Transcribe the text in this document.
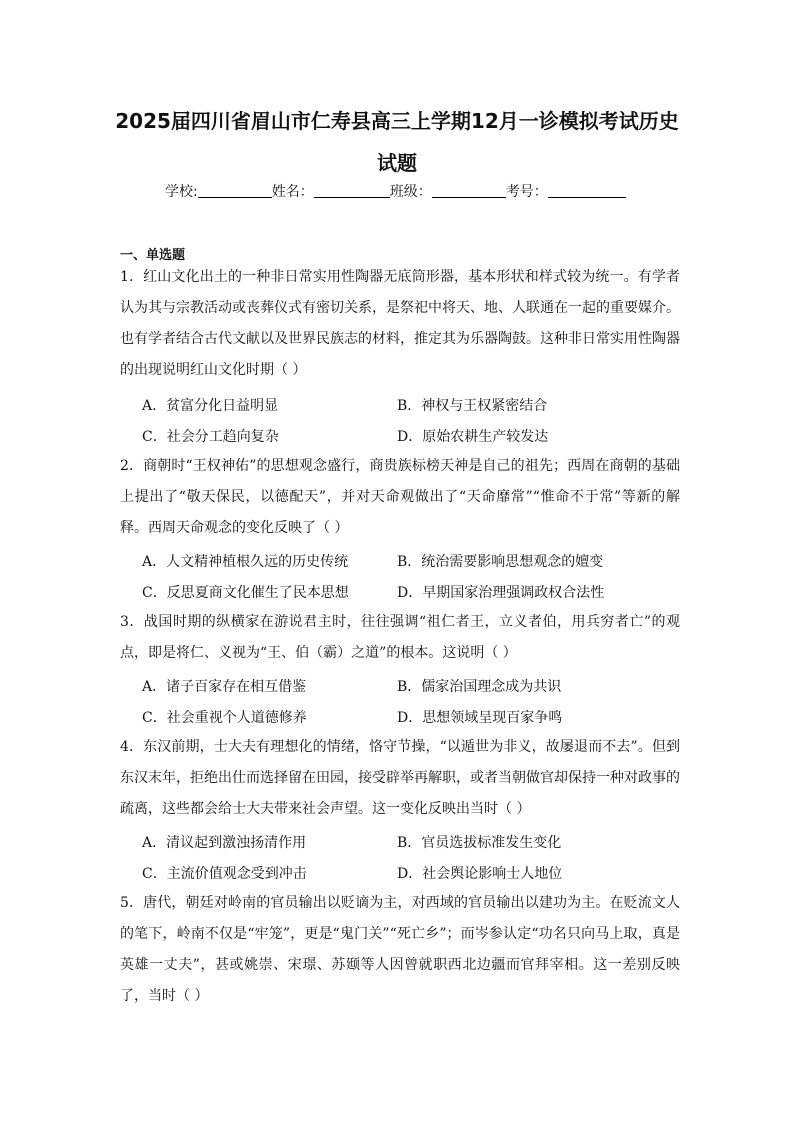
2025届四川省眉山市仁寿县高三上学期12月一诊模拟考试历史
试题
学校:	姓名：	班级：	考号：
一、单选题
1．红山文化出土的一种非日常实用性陶器无底筒形器，基本形状和样式较为统一。有学者认为其与宗教活动或丧葬仪式有密切关系，是祭祀中将天、地、人联通在一起的重要媒介。也有学者结合古代文献以及世界民族志的材料，推定其为乐器陶鼓。这种非日常实用性陶器的出现说明红山文化时期（ ）
A．贫富分化日益明显	B．神权与王权紧密结合
C．社会分工趋向复杂	D．原始农耕生产较发达
2．商朝时“王权神佑”的思想观念盛行，商贵族标榜天神是自己的祖先；西周在商朝的基础上提出了“敬天保民，以德配天”，并对天命观做出了“天命靡常”“惟命不于常”等新的解释。西周天命观念的变化反映了（ ）
A．人文精神植根久远的历史传统	B．统治需要影响思想观念的嬗变
C．反思夏商文化催生了民本思想	D．早期国家治理强调政权合法性
3．战国时期的纵横家在游说君主时，往往强调“祖仁者王，立义者伯，用兵穷者亡”的观点，即是将仁、义视为“王、伯（霸）之道”的根本。这说明（ ）
A．诸子百家存在相互借鉴	B．儒家治国理念成为共识
C．社会重视个人道德修养	D．思想领域呈现百家争鸣
4．东汉前期，士大夫有理想化的情绪，恪守节操，“以遁世为非义，故屡退而不去”。但到东汉末年，拒绝出仕而选择留在田园，接受辟举再解职，或者当朝做官却保持一种对政事的疏离，这些都会给士大夫带来社会声望。这一变化反映出当时（ ）
A．清议起到激浊扬清作用	B．官员选拔标准发生变化
C．主流价值观念受到冲击	D．社会舆论影响士人地位
5．唐代，朝廷对岭南的官员输出以贬谪为主，对西域的官员输出以建功为主。在贬流文人的笔下，岭南不仅是“牢笼”，更是“鬼门关”“死亡乡”；而岑参认定“功名只向马上取，真是英雄一丈夫”，甚或姚崇、宋璟、苏颋等人因曾就职西北边疆而官拜宰相。这一差别反映了，当时（ ）
